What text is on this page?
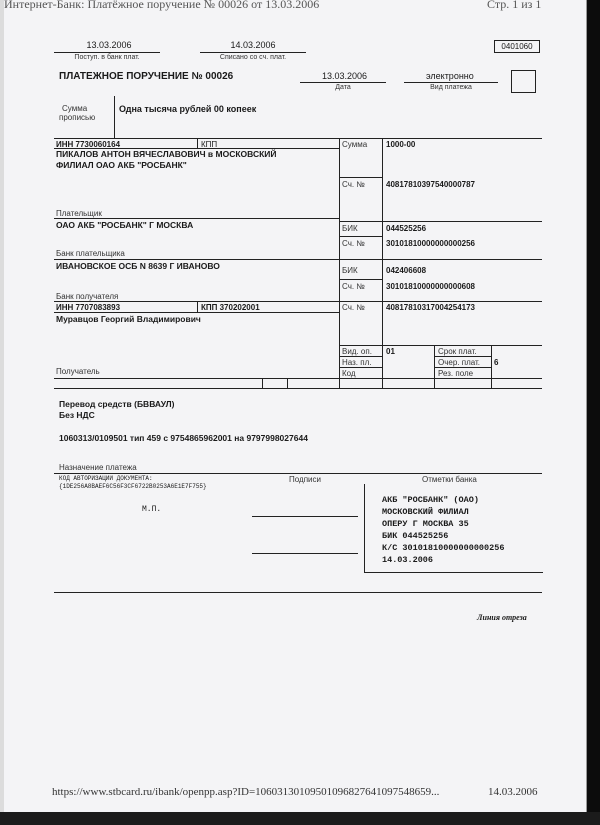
Интернет-Банк: Платёжное поручение № 00026 от 13.03.2006	Стр. 1 из 1
13.03.2006
Поступ. в банк плат.
14.03.2006
Списано со сч. плат.
0401060
ПЛАТЕЖНОЕ ПОРУЧЕНИЕ № 00026	13.03.2006
Дата
электронно
Вид платежа
Сумма
прописью
Одна тысяча рублей 00 копеек
ИНН 7730060164	КПП
ПИКАЛОВ АНТОН ВЯЧЕСЛАВОВИЧ в МОСКОВСКИЙ
ФИЛИАЛ ОАО АКБ "РОСБАНК"
Плательщик
Сумма 1000-00
Сч. №	40817810397540000787
ОАО АКБ "РОСБАНК" Г МОСКВА
Банк плательщика
БИК	044525256
Сч. №	30101810000000000256
ИВАНОВСКОЕ ОСБ N 8639 Г ИВАНОВО
Банк получателя
БИК	042406608
Сч. №	30101810000000000608
ИНН 7707083893	КПП 370202001
Муравцов Георгий Владимирович
Сч. №	40817810317004254173
Вид. оп. 01
Наз. пл.
Код
Срок плат.
Очер. плат. 6
Рез. поле
Получатель
Перевод средств (БВВАУЛ)
Без НДС
1060313/0109501 тип 459 с 9754865962001 на 9797998027644
Назначение платежа
КОД АВТОРИЗАЦИИ ДОКУМЕНТА:
{1DE256A8BAEF6C56F3CF6722B0253A6E1E7F755}
Подписи	Отметки банка
М.П.
АКБ "РОСБАНК" (ОАО)
МОСКОВСКИЙ ФИЛИАЛ
ОПЕРУ Г МОСКВА 35
БИК 044525256
К/С 30101810000000000256
14.03.2006
Линия отреза
https://www.stbcard.ru/ibank/openpp.asp?ID=10603130109501096827641097548659...	14.03.2006
